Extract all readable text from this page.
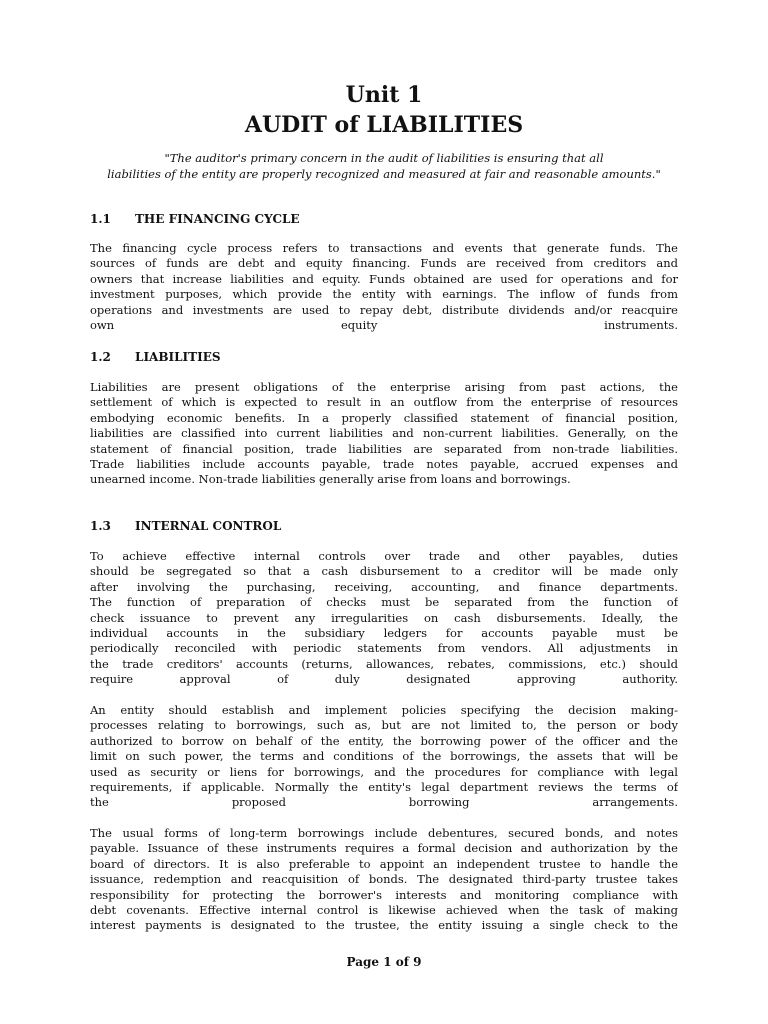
Unit 1
AUDIT of LIABILITIES
"The auditor's primary concern in the audit of liabilities is ensuring that all
liabilities of the entity are properly recognized and measured at fair and reasonable amounts."
1.1 THE FINANCING CYCLE
The financing cycle process refers to transactions and events that generate funds. The
sources of funds are debt and equity financing. Funds are received from creditors and
owners that increase liabilities and equity. Funds obtained are used for operations and for
investment purposes, which provide the entity with earnings. The inflow of funds from
operations and investments are used to repay debt, distribute dividends and/or reacquire
own equity instruments.
1.2 LIABILITIES
Liabilities are present obligations of the enterprise arising from past actions, the
settlement of which is expected to result in an outflow from the enterprise of resources
embodying economic benefits. In a properly classified statement of financial position,
liabilities are classified into current liabilities and non-current liabilities. Generally, on the
statement of financial position, trade liabilities are separated from non-trade liabilities.
Trade liabilities include accounts payable, trade notes payable, accrued expenses and
unearned income. Non-trade liabilities generally arise from loans and borrowings.
1.3 INTERNAL CONTROL
To achieve effective internal controls over trade and other payables, duties
should be segregated so that a cash disbursement to a creditor will be made only
after involving the purchasing, receiving, accounting, and finance departments.
The function of preparation of checks must be separated from the function of
check issuance to prevent any irregularities on cash disbursements. Ideally, the
individual accounts in the subsidiary ledgers for accounts payable must be
periodically reconciled with periodic statements from vendors. All adjustments in
the trade creditors' accounts (returns, allowances, rebates, commissions, etc.) should
require approval of duly designated approving authority.
An entity should establish and implement policies specifying the decision making-
processes relating to borrowings, such as, but are not limited to, the person or body
authorized to borrow on behalf of the entity, the borrowing power of the officer and the
limit on such power, the terms and conditions of the borrowings, the assets that will be
used as security or liens for borrowings, and the procedures for compliance with legal
requirements, if applicable. Normally the entity's legal department reviews the terms of
the proposed borrowing arrangements.
The usual forms of long-term borrowings include debentures, secured bonds, and notes
payable. Issuance of these instruments requires a formal decision and authorization by the
board of directors. It is also preferable to appoint an independent trustee to handle the
issuance, redemption and reacquisition of bonds. The designated third-party trustee takes
responsibility for protecting the borrower's interests and monitoring compliance with
debt covenants. Effective internal control is likewise achieved when the task of making
interest payments is designated to the trustee, the entity issuing a single check to the
Page 1 of 9
